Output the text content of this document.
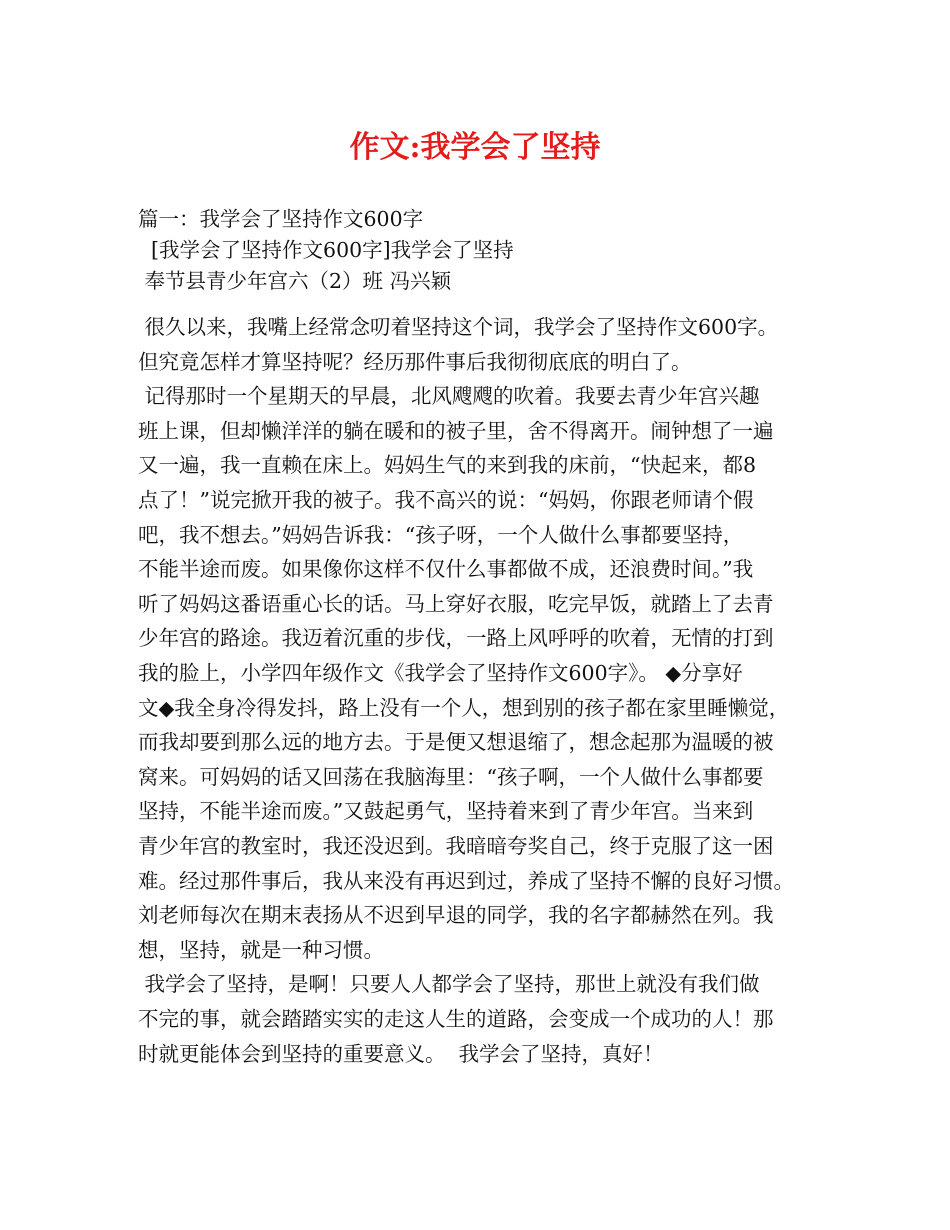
作文:我学会了坚持
篇一：我学会了坚持作文600字
[我学会了坚持作文600字]我学会了坚持
奉节县青少年宫六（2）班 冯兴颖
很久以来，我嘴上经常念叨着坚持这个词，我学会了坚持作文600字。
但究竟怎样才算坚持呢？经历那件事后我彻彻底底的明白了。
记得那时一个星期天的早晨，北风飕飕的吹着。我要去青少年宫兴趣
班上课，但却懒洋洋的躺在暖和的被子里，舍不得离开。闹钟想了一遍
又一遍，我一直赖在床上。妈妈生气的来到我的床前，“快起来，都8
点了！”说完掀开我的被子。我不高兴的说：“妈妈，你跟老师请个假
吧，我不想去。”妈妈告诉我：“孩子呀，一个人做什么事都要坚持，
不能半途而废。如果像你这样不仅什么事都做不成，还浪费时间。”我
听了妈妈这番语重心长的话。马上穿好衣服，吃完早饭，就踏上了去青
少年宫的路途。我迈着沉重的步伐，一路上风呼呼的吹着，无情的打到
我的脸上，小学四年级作文《我学会了坚持作文600字》。 ◆分享好
文◆我全身冷得发抖，路上没有一个人，想到别的孩子都在家里睡懒觉，
而我却要到那么远的地方去。于是便又想退缩了，想念起那为温暖的被
窝来。可妈妈的话又回荡在我脑海里：“孩子啊，一个人做什么事都要
坚持，不能半途而废。”又鼓起勇气，坚持着来到了青少年宫。当来到
青少年宫的教室时，我还没迟到。我暗暗夸奖自己，终于克服了这一困
难。经过那件事后，我从来没有再迟到过，养成了坚持不懈的良好习惯。
刘老师每次在期末表扬从不迟到早退的同学，我的名字都赫然在列。我
想，坚持，就是一种习惯。
我学会了坚持，是啊！只要人人都学会了坚持，那世上就没有我们做
不完的事，就会踏踏实实的走这人生的道路，会变成一个成功的人！那
时就更能体会到坚持的重要意义。  我学会了坚持，真好！
